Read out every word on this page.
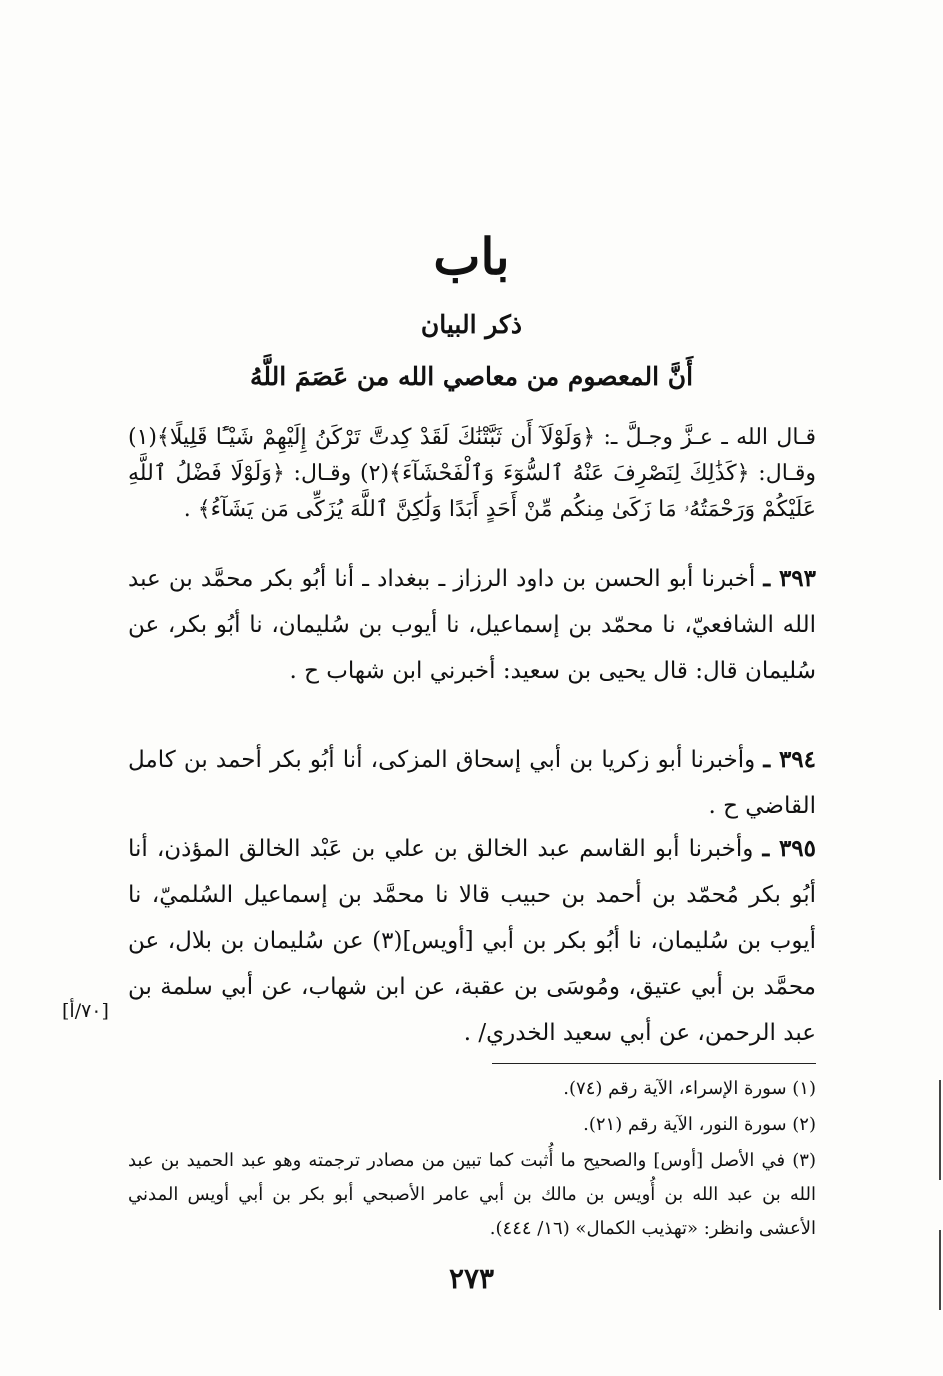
باب
ذكر البيان
أَنَّ المعصوم من معاصي الله من عَصَمَ اللَّهُ

قـال الله ـ عـزَّ وجـلَّ ـ: ﴿وَلَوْلَآ أَن ثَبَّتْنَٰكَ لَقَدْ كِدتَّ تَرْكَنُ إِلَيْهِمْ شَيْـًٔا قَلِيلًا﴾(١) وقـال: ﴿كَذَٰلِكَ لِنَصْرِفَ عَنْهُ ٱلسُّوٓءَ وَٱلْفَحْشَآءَ﴾(٢) وقـال: ﴿وَلَوْلَا فَضْلُ ٱللَّهِ عَلَيْكُمْ وَرَحْمَتُهُۥ مَا زَكَىٰ مِنكُم مِّنْ أَحَدٍ أَبَدًا وَلَٰكِنَّ ٱللَّهَ يُزَكِّى مَن يَشَآءُ﴾ .

٣٩٣ ـ أخبرنا أبو الحسن بن داود الرزاز ـ ببغداد ـ أنا أبُو بكر محمَّد بن عبد الله الشافعيّ، نا محمّد بن إسماعيل، نا أيوب بن سُليمان، نا أبُو بكر، عن سُليمان قال: قال يحيى بن سعيد: أخبرني ابن شهاب ح .

٣٩٤ ـ وأخبرنا أبو زكريا بن أبي إسحاق المزكى، أنا أبُو بكر أحمد بن كامل القاضي ح .

٣٩٥ ـ وأخبرنا أبو القاسم عبد الخالق بن علي بن عَبْد الخالق المؤذن، أنا أبُو بكر مُحمّد بن أحمد بن حبيب قالا نا محمَّد بن إسماعيل السُلميّ، نا أيوب بن سُليمان، نا أبُو بكر بن أبي [أويس](٣) عن سُليمان بن بلال، عن محمَّد بن أبي عتيق، ومُوسَى بن عقبة، عن ابن شهاب، عن أبي سلمة بن عبد الرحمن، عن أبي سعيد الخدري/ .

[٧٠/أ]

(١) سورة الإسراء، الآية رقم (٧٤).

(٢) سورة النور، الآية رقم (٢١).

(٣) في الأصل [أوس] والصحيح ما أُثبت كما تبين من مصادر ترجمته وهو عبد الحميد بن عبد الله بن عبد الله بن أُويس بن مالك بن أبي عامر الأصبحي أبو بكر بن أبي أويس المدني الأعشى وانظر: «تهذيب الكمال» (١٦/ ٤٤٤).

٢٧٣
